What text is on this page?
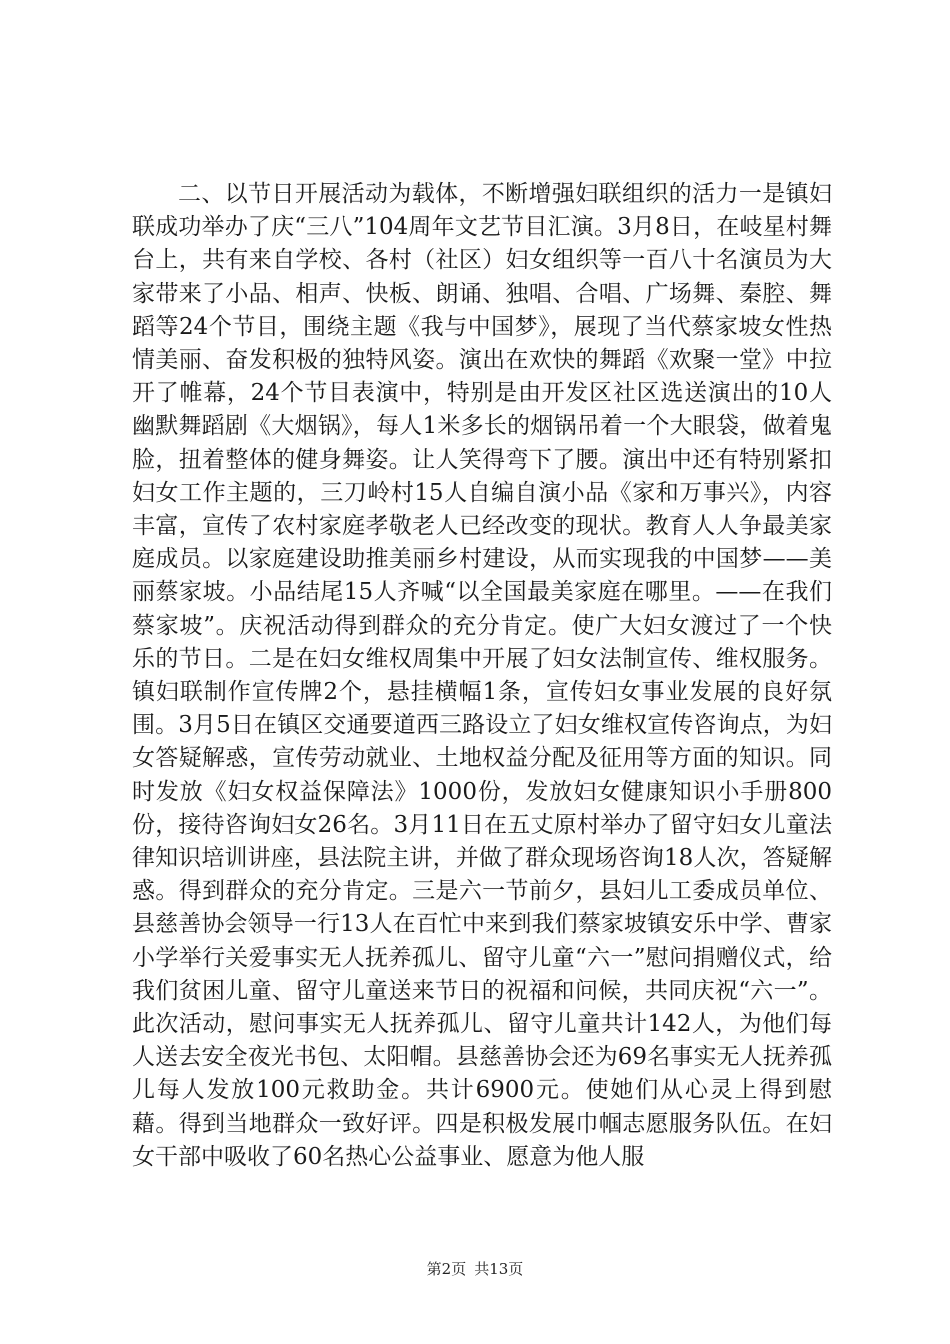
二、以节日开展活动为载体，不断增强妇联组织的活力一是镇妇联成功举办了庆“三八”104周年文艺节目汇演。3月8日，在岐星村舞台上，共有来自学校、各村（社区）妇女组织等一百八十名演员为大家带来了小品、相声、快板、朗诵、独唱、合唱、广场舞、秦腔、舞蹈等24个节目，围绕主题《我与中国梦》，展现了当代蔡家坡女性热情美丽、奋发积极的独特风姿。演出在欢快的舞蹈《欢聚一堂》中拉开了帷幕，24个节目表演中，特别是由开发区社区选送演出的10人幽默舞蹈剧《大烟锅》，每人1米多长的烟锅吊着一个大眼袋，做着鬼脸，扭着整体的健身舞姿。让人笑得弯下了腰。演出中还有特别紧扣妇女工作主题的，三刀岭村15人自编自演小品《家和万事兴》，内容丰富，宣传了农村家庭孝敬老人已经改变的现状。教育人人争最美家庭成员。以家庭建设助推美丽乡村建设，从而实现我的中国梦——美丽蔡家坡。小品结尾15人齐喊“以全国最美家庭在哪里。——在我们蔡家坡”。庆祝活动得到群众的充分肯定。使广大妇女渡过了一个快乐的节日。二是在妇女维权周集中开展了妇女法制宣传、维权服务。镇妇联制作宣传牌2个，悬挂横幅1条，宣传妇女事业发展的良好氛围。3月5日在镇区交通要道西三路设立了妇女维权宣传咨询点，为妇女答疑解惑，宣传劳动就业、土地权益分配及征用等方面的知识。同时发放《妇女权益保障法》1000份，发放妇女健康知识小手册800份，接待咨询妇女26名。3月11日在五丈原村举办了留守妇女儿童法律知识培训讲座，县法院主讲，并做了群众现场咨询18人次，答疑解惑。得到群众的充分肯定。三是六一节前夕，县妇儿工委成员单位、县慈善协会领导一行13人在百忙中来到我们蔡家坡镇安乐中学、曹家小学举行关爱事实无人抚养孤儿、留守儿童“六一”慰问捐赠仪式，给我们贫困儿童、留守儿童送来节日的祝福和问候，共同庆祝“六一”。此次活动，慰问事实无人抚养孤儿、留守儿童共计142人，为他们每人送去安全夜光书包、太阳帽。县慈善协会还为69名事实无人抚养孤儿每人发放100元救助金。共计6900元。使她们从心灵上得到慰藉。得到当地群众一致好评。四是积极发展巾帼志愿服务队伍。在妇女干部中吸收了60名热心公益事业、愿意为他人服

第2页 共13页
